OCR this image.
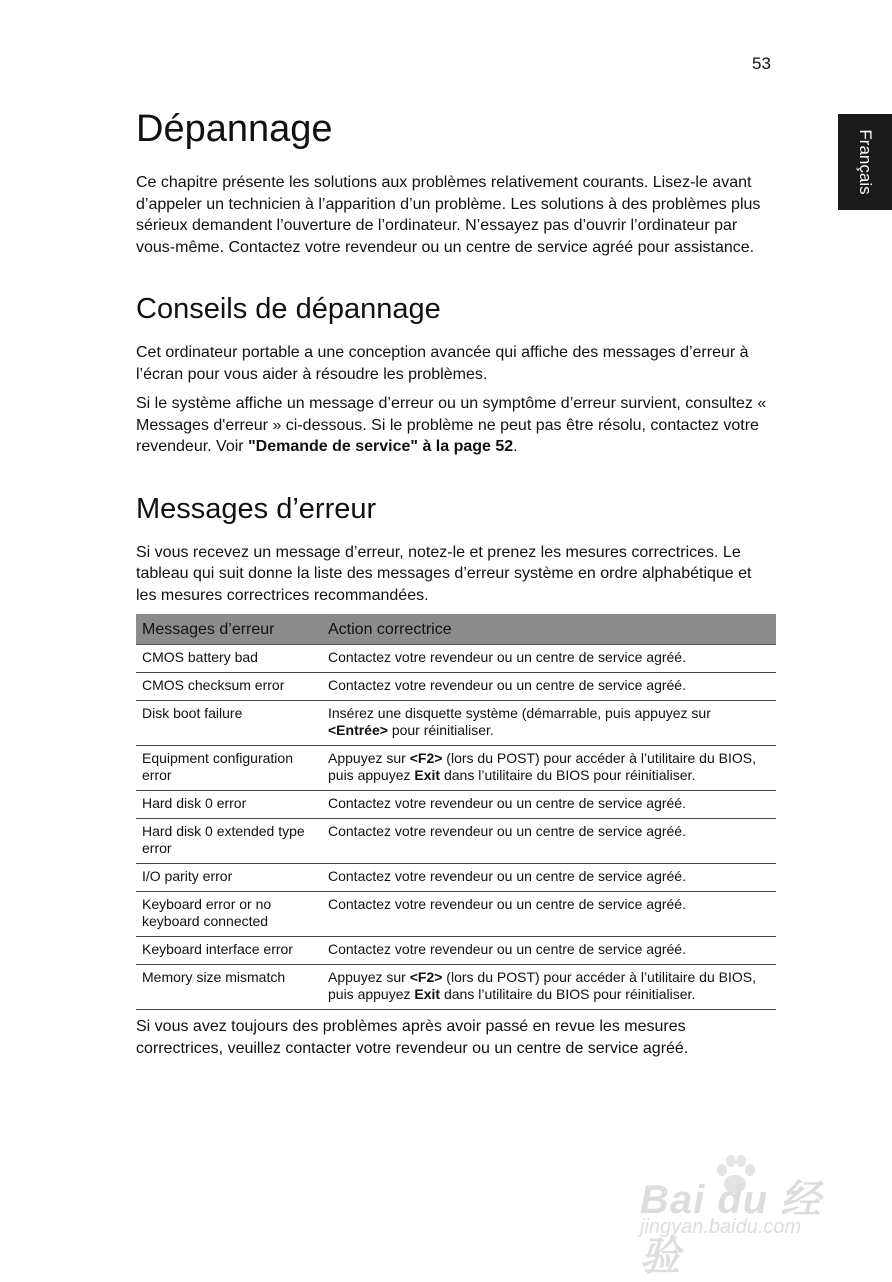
53
Français
Dépannage

Ce chapitre présente les solutions aux problèmes relativement courants. Lisez-le avant d’appeler un technicien à l’apparition d’un problème. Les solutions à des problèmes plus sérieux demandent l’ouverture de l’ordinateur. N’essayez pas d’ouvrir l’ordinateur par vous-même. Contactez votre revendeur ou un centre de service agréé pour assistance.

Conseils de dépannage

Cet ordinateur portable a une conception avancée qui affiche des messages d’erreur à l’écran pour vous aider à résoudre les problèmes.

Si le système affiche un message d’erreur ou un symptôme d’erreur survient, consultez « Messages d'erreur » ci-dessous. Si le problème ne peut pas être résolu, contactez votre revendeur. Voir "Demande de service" à la page 52.

Messages d’erreur

Si vous recevez un message d’erreur, notez-le et prenez les mesures correctrices. Le tableau qui suit donne la liste des messages d’erreur système en ordre alphabétique et les mesures correctrices recommandées.

Messages d’erreur	Action correctrice
CMOS battery bad	Contactez votre revendeur ou un centre de service agréé.
CMOS checksum error	Contactez votre revendeur ou un centre de service agréé.
Disk boot failure	Insérez une disquette système (démarrable, puis appuyez sur <Entrée> pour réinitialiser.
Equipment configuration error	Appuyez sur <F2> (lors du POST) pour accéder à l’utilitaire du BIOS, puis appuyez Exit dans l’utilitaire du BIOS pour réinitialiser.
Hard disk 0 error	Contactez votre revendeur ou un centre de service agréé.
Hard disk 0 extended type error	Contactez votre revendeur ou un centre de service agréé.
I/O parity error	Contactez votre revendeur ou un centre de service agréé.
Keyboard error or no keyboard connected	Contactez votre revendeur ou un centre de service agréé.
Keyboard interface error	Contactez votre revendeur ou un centre de service agréé.
Memory size mismatch	Appuyez sur <F2> (lors du POST) pour accéder à l’utilitaire du BIOS, puis appuyez Exit dans l’utilitaire du BIOS pour réinitialiser.

Si vous avez toujours des problèmes après avoir passé en revue les mesures correctrices, veuillez contacter votre revendeur ou un centre de service agréé.

Bai du 经验
jingyan.baidu.com
